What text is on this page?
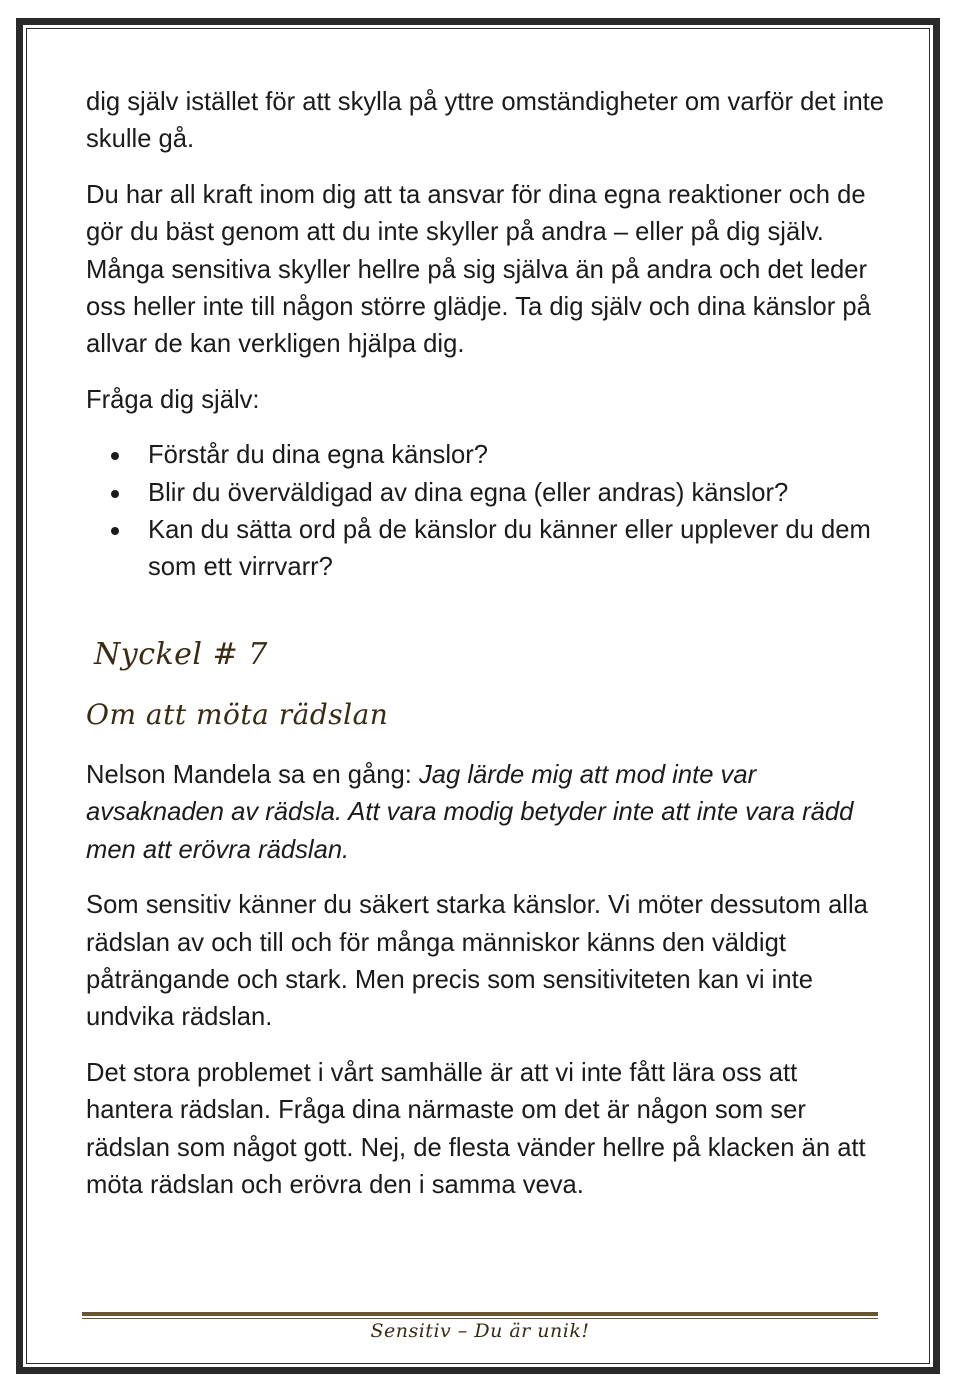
dig själv istället för att skylla på yttre omständigheter om varför det inte skulle gå.

Du har all kraft inom dig att ta ansvar för dina egna reaktioner och de gör du bäst genom att du inte skyller på andra – eller på dig själv. Många sensitiva skyller hellre på sig själva än på andra och det leder oss heller inte till någon större glädje. Ta dig själv och dina känslor på allvar de kan verkligen hjälpa dig.

Fråga dig själv:

Förstår du dina egna känslor?
Blir du överväldigad av dina egna (eller andras) känslor?
Kan du sätta ord på de känslor du känner eller upplever du dem som ett virrvarr?
Nyckel # 7
Om att möta rädslan

Nelson Mandela sa en gång: Jag lärde mig att mod inte var avsaknaden av rädsla. Att vara modig betyder inte att inte vara rädd men att erövra rädslan.

Som sensitiv känner du säkert starka känslor. Vi möter dessutom alla rädslan av och till och för många människor känns den väldigt påträngande och stark. Men precis som sensitiviteten kan vi inte undvika rädslan.

Det stora problemet i vårt samhälle är att vi inte fått lära oss att hantera rädslan. Fråga dina närmaste om det är någon som ser rädslan som något gott. Nej, de flesta vänder hellre på klacken än att möta rädslan och erövra den i samma veva.

Sensitiv – Du är unik!
